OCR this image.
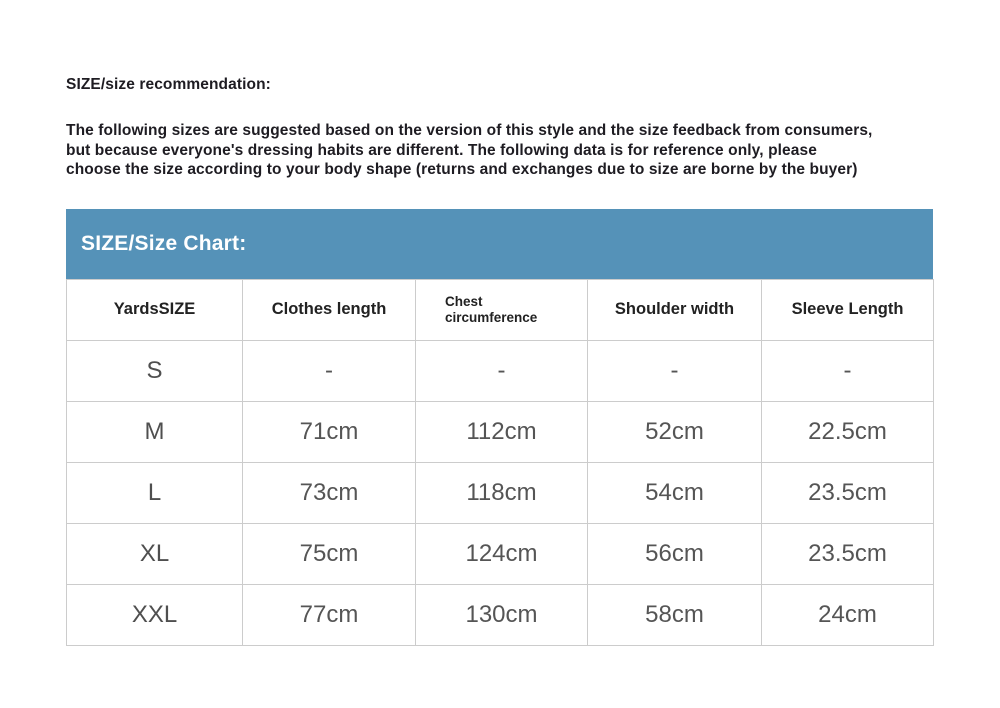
SIZE/size recommendation:
The following sizes are suggested based on the version of this style and the size feedback from consumers,
but because everyone's dressing habits are different. The following data is for reference only, please
choose the size according to your body shape (returns and exchanges due to size are borne by the buyer)
SIZE/Size Chart:
YardsSIZE	Clothes length	Chest circumference	Shoulder width	Sleeve Length
S	-	-	-	-
M	71cm	112cm	52cm	22.5cm
L	73cm	118cm	54cm	23.5cm
XL	75cm	124cm	56cm	23.5cm
XXL	77cm	130cm	58cm	24cm
